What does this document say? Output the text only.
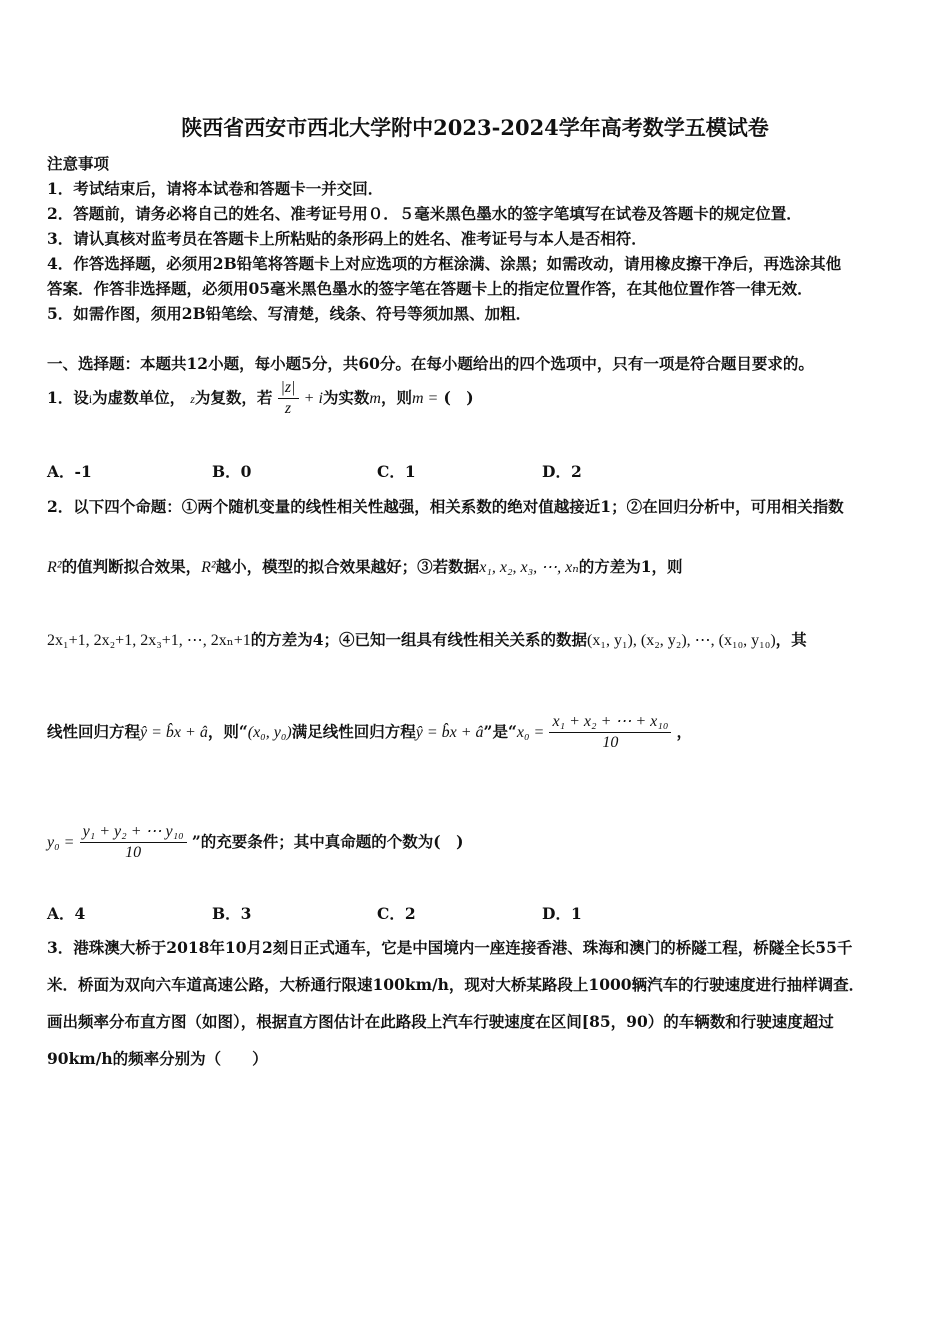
陕西省西安市西北大学附中2023-2024学年高考数学五模试卷
注意事项
1．考试结束后，请将本试卷和答题卡一并交回．
2．答题前，请务必将自己的姓名、准考证号用０．５毫米黑色墨水的签字笔填写在试卷及答题卡的规定位置．
3．请认真核对监考员在答题卡上所粘贴的条形码上的姓名、准考证号与本人是否相符．
4．作答选择题，必须用2B铅笔将答题卡上对应选项的方框涂满、涂黑；如需改动，请用橡皮擦干净后，再选涂其他
答案．作答非选择题，必须用05毫米黑色墨水的签字笔在答题卡上的指定位置作答，在其他位置作答一律无效．
5．如需作图，须用2B铅笔绘、写清楚，线条、符号等须加黑、加粗．
一、选择题：本题共12小题，每小题5分，共60分。在每小题给出的四个选项中，只有一项是符合题目要求的。
1．设i为虚数单位， z为复数，若 $\frac{|z|}{z} + i$为实数m，则m = (　)
A．-1	B．0	C．1	D．2
2．以下四个命题：①两个随机变量的线性相关性越强，相关系数的绝对值越接近1；②在回归分析中，可用相关指数
R²的值判断拟合效果，R²越小，模型的拟合效果越好；③若数据x₁, x₂, x₃, ⋯, xₙ的方差为1，则
2x₁+1, 2x₂+1, 2x₃+1, ⋯, 2xₙ+1的方差为4；④已知一组具有线性相关关系的数据(x₁, y₁), (x₂, y₂), ⋯, (x₁₀, y₁₀)，其
线性回归方程ŷ = b̂x + â，则“(x₀, y₀)满足线性回归方程ŷ = b̂x + â”是“$x_0 = \frac{\text{x₁ + x₂ + ⋯ + x₁₀}}{10}$ ，
$y_0 = \frac{\text{y₁ + y₂ + ⋯ y₁₀}}{10}$ ”的充要条件；其中真命题的个数为(　)
A．4	B．3	C．2	D．1
3．港珠澳大桥于2018年10月2刻日正式通车，它是中国境内一座连接香港、珠海和澳门的桥隧工程，桥隧全长55千
米．桥面为双向六车道高速公路，大桥通行限速100km/h，现对大桥某路段上1000辆汽车的行驶速度进行抽样调查．
画出频率分布直方图（如图），根据直方图估计在此路段上汽车行驶速度在区间[85，90）的车辆数和行驶速度超过
90km/h的频率分别为（　　）
